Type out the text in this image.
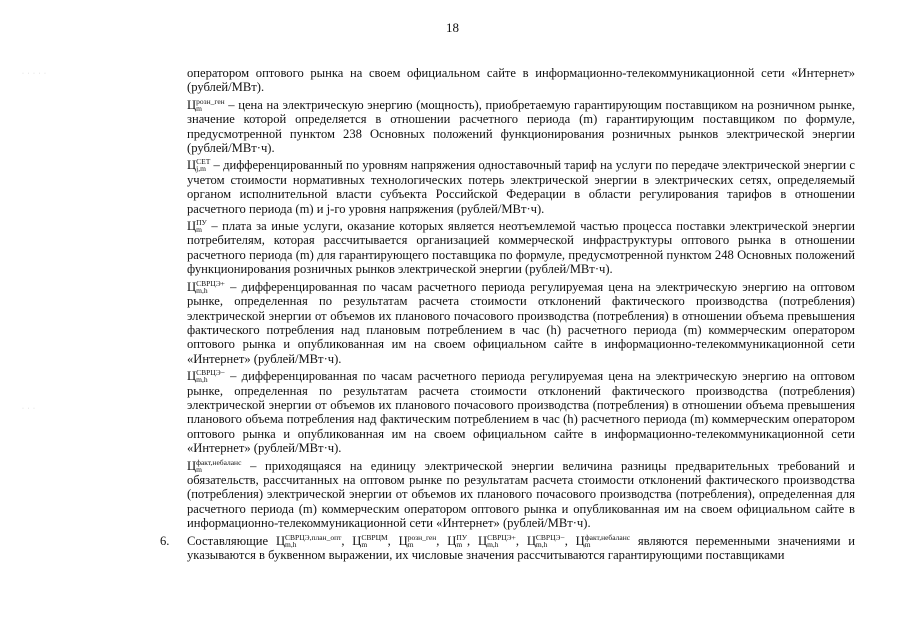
18
· · · · ·
· · ·

оператором оптового рынка на своем официальном сайте в информационно-телекоммуникационной сети «Интернет» (рублей/МВт).

Црозн_ген
m – цена на электрическую энергию (мощность), приобретаемую гарантирующим поставщиком на розничном рынке, значение которой определяется в отношении расчетного периода (m) гарантирующим поставщиком по формуле, предусмотренной пунктом 238 Основных положений функционирования розничных рынков электрической энергии (рублей/МВт·ч).

ЦСЕТ
j,m – дифференцированный по уровням напряжения одноставочный тариф на услуги по передаче электрической энергии с учетом стоимости нормативных технологических потерь электрической энергии в электрических сетях, определяемый органом исполнительной власти субъекта Российской Федерации в области регулирования тарифов в отношении расчетного периода (m) и j-го уровня напряжения (рублей/МВт·ч).

ЦПУ
m – плата за иные услуги, оказание которых является неотъемлемой частью процесса поставки электрической энергии потребителям, которая рассчитывается организацией коммерческой инфраструктуры оптового рынка в отношении расчетного периода (m) для гарантирующего поставщика по формуле, предусмотренной пунктом 248 Основных положений функционирования розничных рынков электрической энергии (рублей/МВт·ч).

ЦСВРЦЭ+
m,h – дифференцированная по часам расчетного периода регулируемая цена на электрическую энергию на оптовом рынке, определенная по результатам расчета стоимости отклонений фактического производства (потребления) электрической энергии от объемов их планового почасового производства (потребления) в отношении объема превышения фактического потребления над плановым потреблением в час (h) расчетного периода (m) коммерческим оператором оптового рынка и опубликованная им на своем официальном сайте в информационно-телекоммуникационной сети «Интернет» (рублей/МВт·ч).

ЦСВРЦЭ−
m,h – дифференцированная по часам расчетного периода регулируемая цена на электрическую энергию на оптовом рынке, определенная по результатам расчета стоимости отклонений фактического производства (потребления) электрической энергии от объемов их планового почасового производства (потребления) в отношении объема превышения планового объема потребления над фактическим потреблением в час (h) расчетного периода (m) коммерческим оператором оптового рынка и опубликованная им на своем официальном сайте в информационно-телекоммуникационной сети «Интернет» (рублей/МВт·ч).

Цфакт,небаланс
m	– приходящаяся на единицу электрической энергии величина разницы предварительных требований и обязательств, рассчитанных на оптовом рынке по результатам расчета стоимости отклонений фактического производства (потребления) электрической энергии от объемов их планового почасового производства (потребления), определенная для расчетного периода (m) коммерческим оператором оптового рынка и опубликованная им на своем официальном сайте в информационно-телекоммуникационной сети «Интернет» (рублей/МВт·ч).

6. Составляющие ЦСВРЦЭ,план_опт
m,h	, ЦСВРЦМ
m , Црозн_ген
m , ЦПУ
m , ЦСВРЦЭ+
m,h , ЦСВРЦЭ−
m,h , Цфакт,небаланс
m	являются переменными значениями и указываются в буквенном выражении, их числовые значения рассчитываются гарантирующими поставщиками
